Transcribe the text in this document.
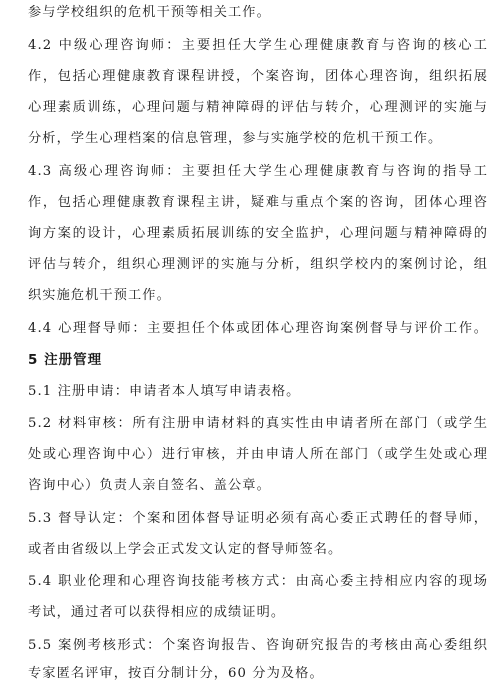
参与学校组织的危机干预等相关工作。
4.2 中级心理咨询师：主要担任大学生心理健康教育与咨询的核心工
作，包括心理健康教育课程讲授，个案咨询，团体心理咨询，组织拓展
心理素质训练，心理问题与精神障碍的评估与转介，心理测评的实施与
分析，学生心理档案的信息管理，参与实施学校的危机干预工作。
4.3 高级心理咨询师：主要担任大学生心理健康教育与咨询的指导工
作，包括心理健康教育课程主讲，疑难与重点个案的咨询，团体心理咨
询方案的设计，心理素质拓展训练的安全监护，心理问题与精神障碍的
评估与转介，组织心理测评的实施与分析，组织学校内的案例讨论，组
织实施危机干预工作。
4.4 心理督导师：主要担任个体或团体心理咨询案例督导与评价工作。
5 注册管理
5.1 注册申请：申请者本人填写申请表格。
5.2 材料审核：所有注册申请材料的真实性由申请者所在部门（或学生
处或心理咨询中心）进行审核，并由申请人所在部门（或学生处或心理
咨询中心）负责人亲自签名、盖公章。
5.3 督导认定：个案和团体督导证明必须有高心委正式聘任的督导师，
或者由省级以上学会正式发文认定的督导师签名。
5.4 职业伦理和心理咨询技能考核方式：由高心委主持相应内容的现场
考试，通过者可以获得相应的成绩证明。
5.5 案例考核形式：个案咨询报告、咨询研究报告的考核由高心委组织
专家匿名评审，按百分制计分，60 分为及格。
